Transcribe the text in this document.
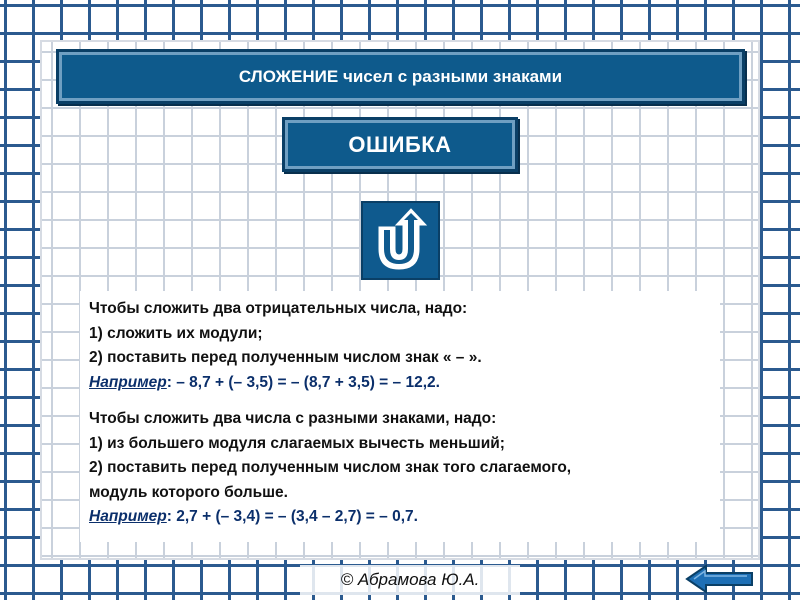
СЛОЖЕНИЕ чисел с разными знаками
ОШИБКА

Чтобы сложить два отрицательных числа, надо:

1) сложить их модули;

2) поставить перед полученным числом знак « – ».

Например: – 8,7 + (– 3,5) = – (8,7 + 3,5) = – 12,2.

Чтобы сложить два числа с разными знаками, надо:

1) из большего модуля слагаемых вычесть меньший;

2) поставить перед полученным числом знак того слагаемого,

модуль которого больше.

Например: 2,7 + (– 3,4) = – (3,4 – 2,7) = – 0,7.

© Абрамова Ю.А.
